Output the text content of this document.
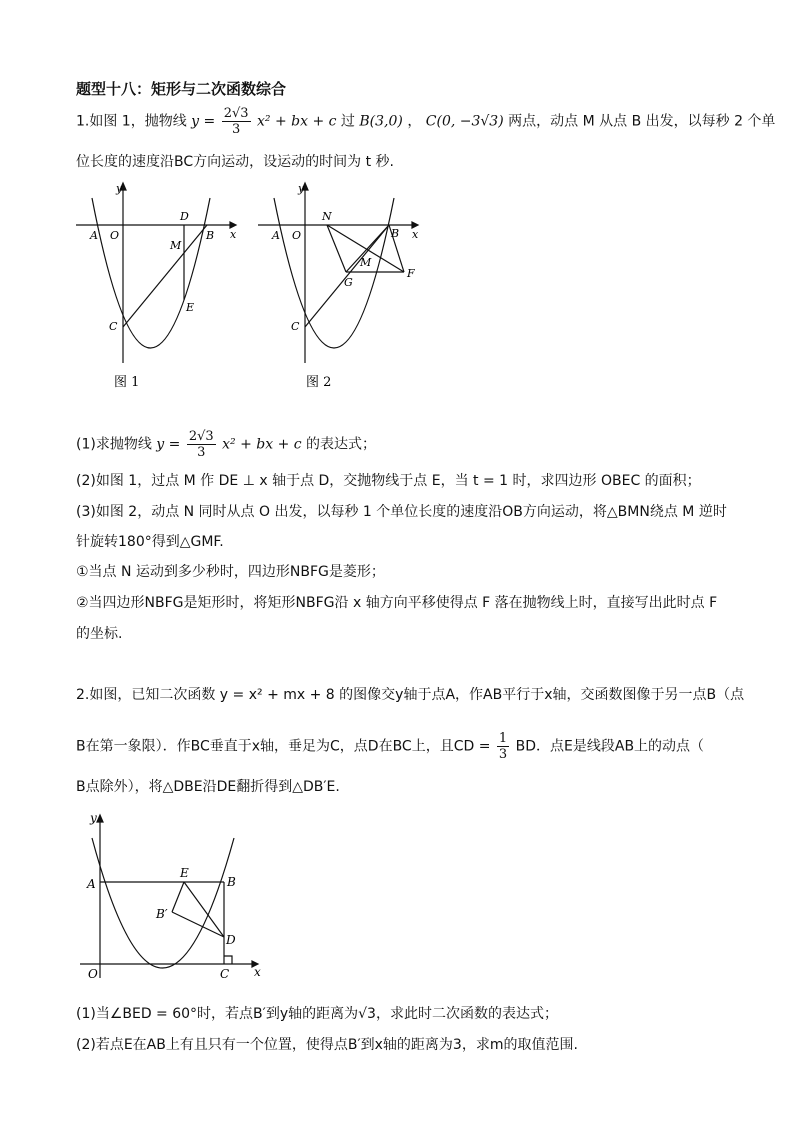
题型十八：矩形与二次函数综合
1.如图 1，抛物线 $y = \frac{2√3}{3} x^2$ + bx + c 过 B(3,0) ， C(0, −3√3) 两点，动点 M 从点 B 出发，以每秒 2 个单
位长度的速度沿BC方向运动，设运动的时间为 t 秒.
y
x
A O
D
M
B
C
E
图 1
y
x
A O
N
B
M
G
F
C
图 2
(1)求抛物线 $y = \frac{2√3}{3} x^2$ + bx + c 的表达式；
(2)如图 1，过点 M 作 DE ⊥ x 轴于点 D，交抛物线于点 E，当 t = 1 时，求四边形 OBEC 的面积；
(3)如图 2，动点 N 同时从点 O 出发，以每秒 1 个单位长度的速度沿OB方向运动，将△BMN绕点 M 逆时
针旋转180°得到△GMF.
①当点 N 运动到多少秒时，四边形NBFG是菱形；
②当四边形NBFG是矩形时，将矩形NBFG沿 x 轴方向平移使得点 F 落在抛物线上时，直接写出此时点 F
的坐标.
2.如图，已知二次函数 y = x² + mx + 8 的图像交y轴于点A，作AB平行于x轴，交函数图像于另一点B（点
B在第一象限）．作BC垂直于x轴，垂足为C，点D在BC上，且CD = $\frac{1}{3}$ BD．点E是线段AB上的动点（
B点除外），将△DBE沿DE翻折得到△DB′E.
y
x
A
E
B
B′
D
O	C
(1)当∠BED = 60°时，若点B′到y轴的距离为√3，求此时二次函数的表达式；
(2)若点E在AB上有且只有一个位置，使得点B′到x轴的距离为3，求m的取值范围.
